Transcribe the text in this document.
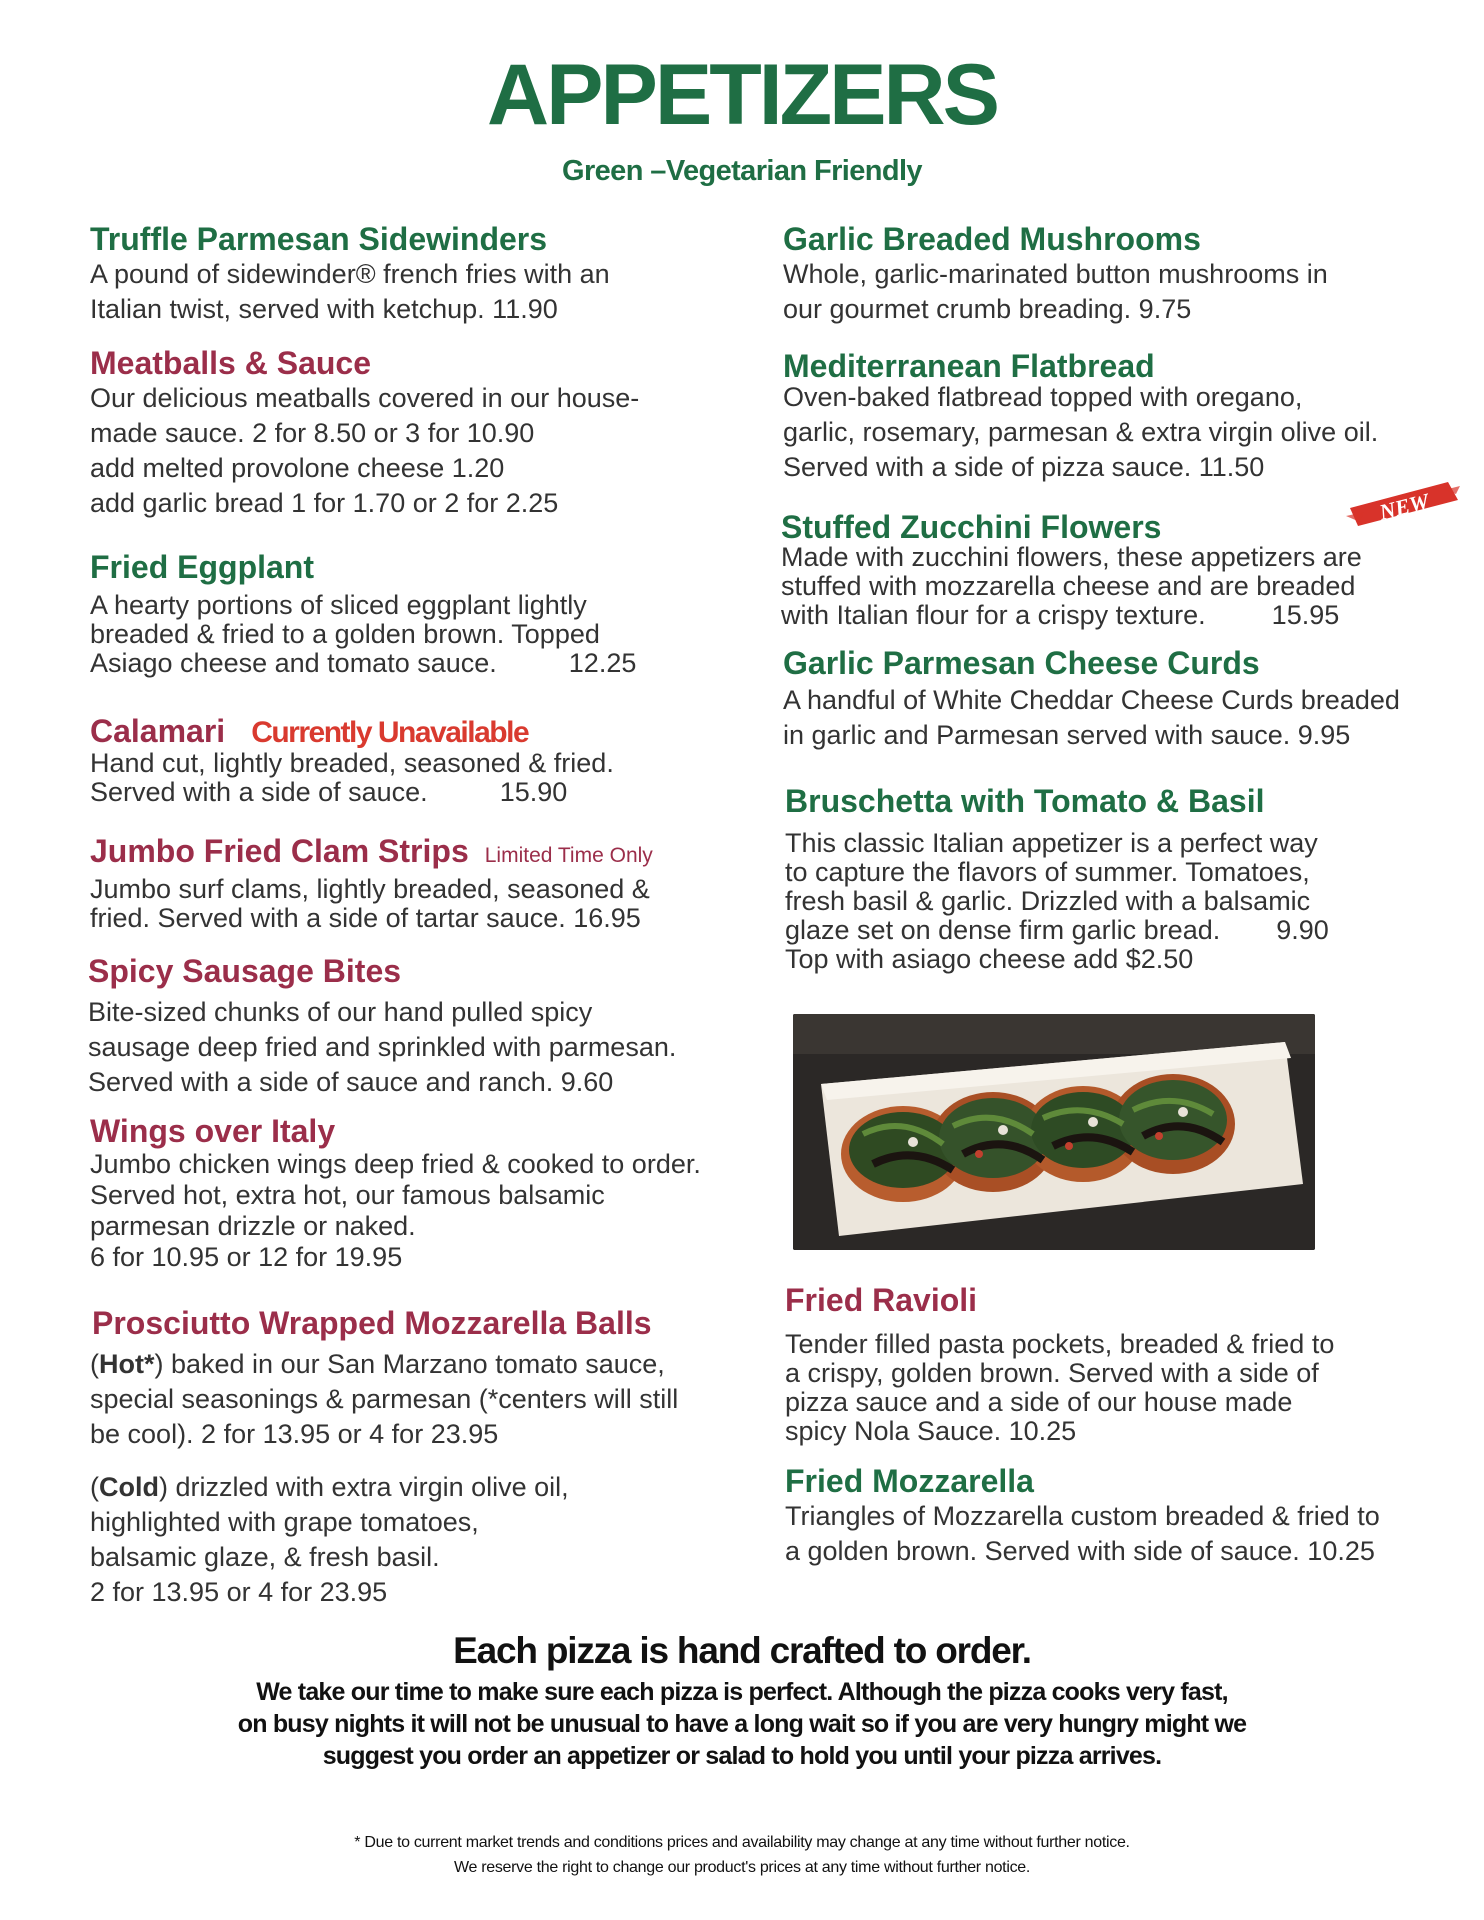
APPETIZERS
Green –Vegetarian Friendly
Truffle Parmesan Sidewinders
A pound of sidewinder® french fries with an
Italian twist, served with ketchup. 11.90
Meatballs & Sauce
Our delicious meatballs covered in our house-
made sauce. 2 for 8.50 or 3 for 10.90
add melted provolone cheese 1.20
add garlic bread 1 for 1.70 or 2 for 2.25
Fried Eggplant
A hearty portions of sliced eggplant lightly
breaded & fried to a golden brown. Topped
Asiago cheese and tomato sauce.	12.25
Calamari Currently Unavailable
Hand cut, lightly breaded, seasoned & fried.
Served with a side of sauce.	15.90
Jumbo Fried Clam Strips Limited Time Only
Jumbo surf clams, lightly breaded, seasoned &
fried. Served with a side of tartar sauce. 16.95
Spicy Sausage Bites
Bite-sized chunks of our hand pulled spicy
sausage deep fried and sprinkled with parmesan.
Served with a side of sauce and ranch. 9.60
Wings over Italy
Jumbo chicken wings deep fried & cooked to order.
Served hot, extra hot, our famous balsamic
parmesan drizzle or naked.
6 for 10.95 or 12 for 19.95
Prosciutto Wrapped Mozzarella Balls
(Hot*) baked in our San Marzano tomato sauce,
special seasonings & parmesan (*centers will still
be cool). 2 for 13.95 or 4 for 23.95
(Cold) drizzled with extra virgin olive oil,
highlighted with grape tomatoes,
balsamic glaze, & fresh basil.
2 for 13.95 or 4 for 23.95
Garlic Breaded Mushrooms
Whole, garlic-marinated button mushrooms in
our gourmet crumb breading. 9.75
Mediterranean Flatbread
Oven-baked flatbread topped with oregano,
garlic, rosemary, parmesan & extra virgin olive oil.
Served with a side of pizza sauce. 11.50
NEW
Stuffed Zucchini Flowers
Made with zucchini flowers, these appetizers are
stuffed with mozzarella cheese and are breaded
with Italian flour for a crispy texture. 15.95
Garlic Parmesan Cheese Curds
A handful of White Cheddar Cheese Curds breaded
in garlic and Parmesan served with sauce. 9.95
Bruschetta with Tomato & Basil
This classic Italian appetizer is a perfect way
to capture the flavors of summer. Tomatoes,
fresh basil & garlic. Drizzled with a balsamic
glaze set on dense firm garlic bread. 9.90
Top with asiago cheese add $2.50
Fried Ravioli
Tender filled pasta pockets, breaded & fried to
a crispy, golden brown. Served with a side of
pizza sauce and a side of our house made
spicy Nola Sauce. 10.25
Fried Mozzarella
Triangles of Mozzarella custom breaded & fried to
a golden brown. Served with side of sauce. 10.25
Each pizza is hand crafted to order.
We take our time to make sure each pizza is perfect. Although the pizza cooks very fast,
on busy nights it will not be unusual to have a long wait so if you are very hungry might we
suggest you order an appetizer or salad to hold you until your pizza arrives.
* Due to current market trends and conditions prices and availability may change at any time without further notice.
We reserve the right to change our product's prices at any time without further notice.
